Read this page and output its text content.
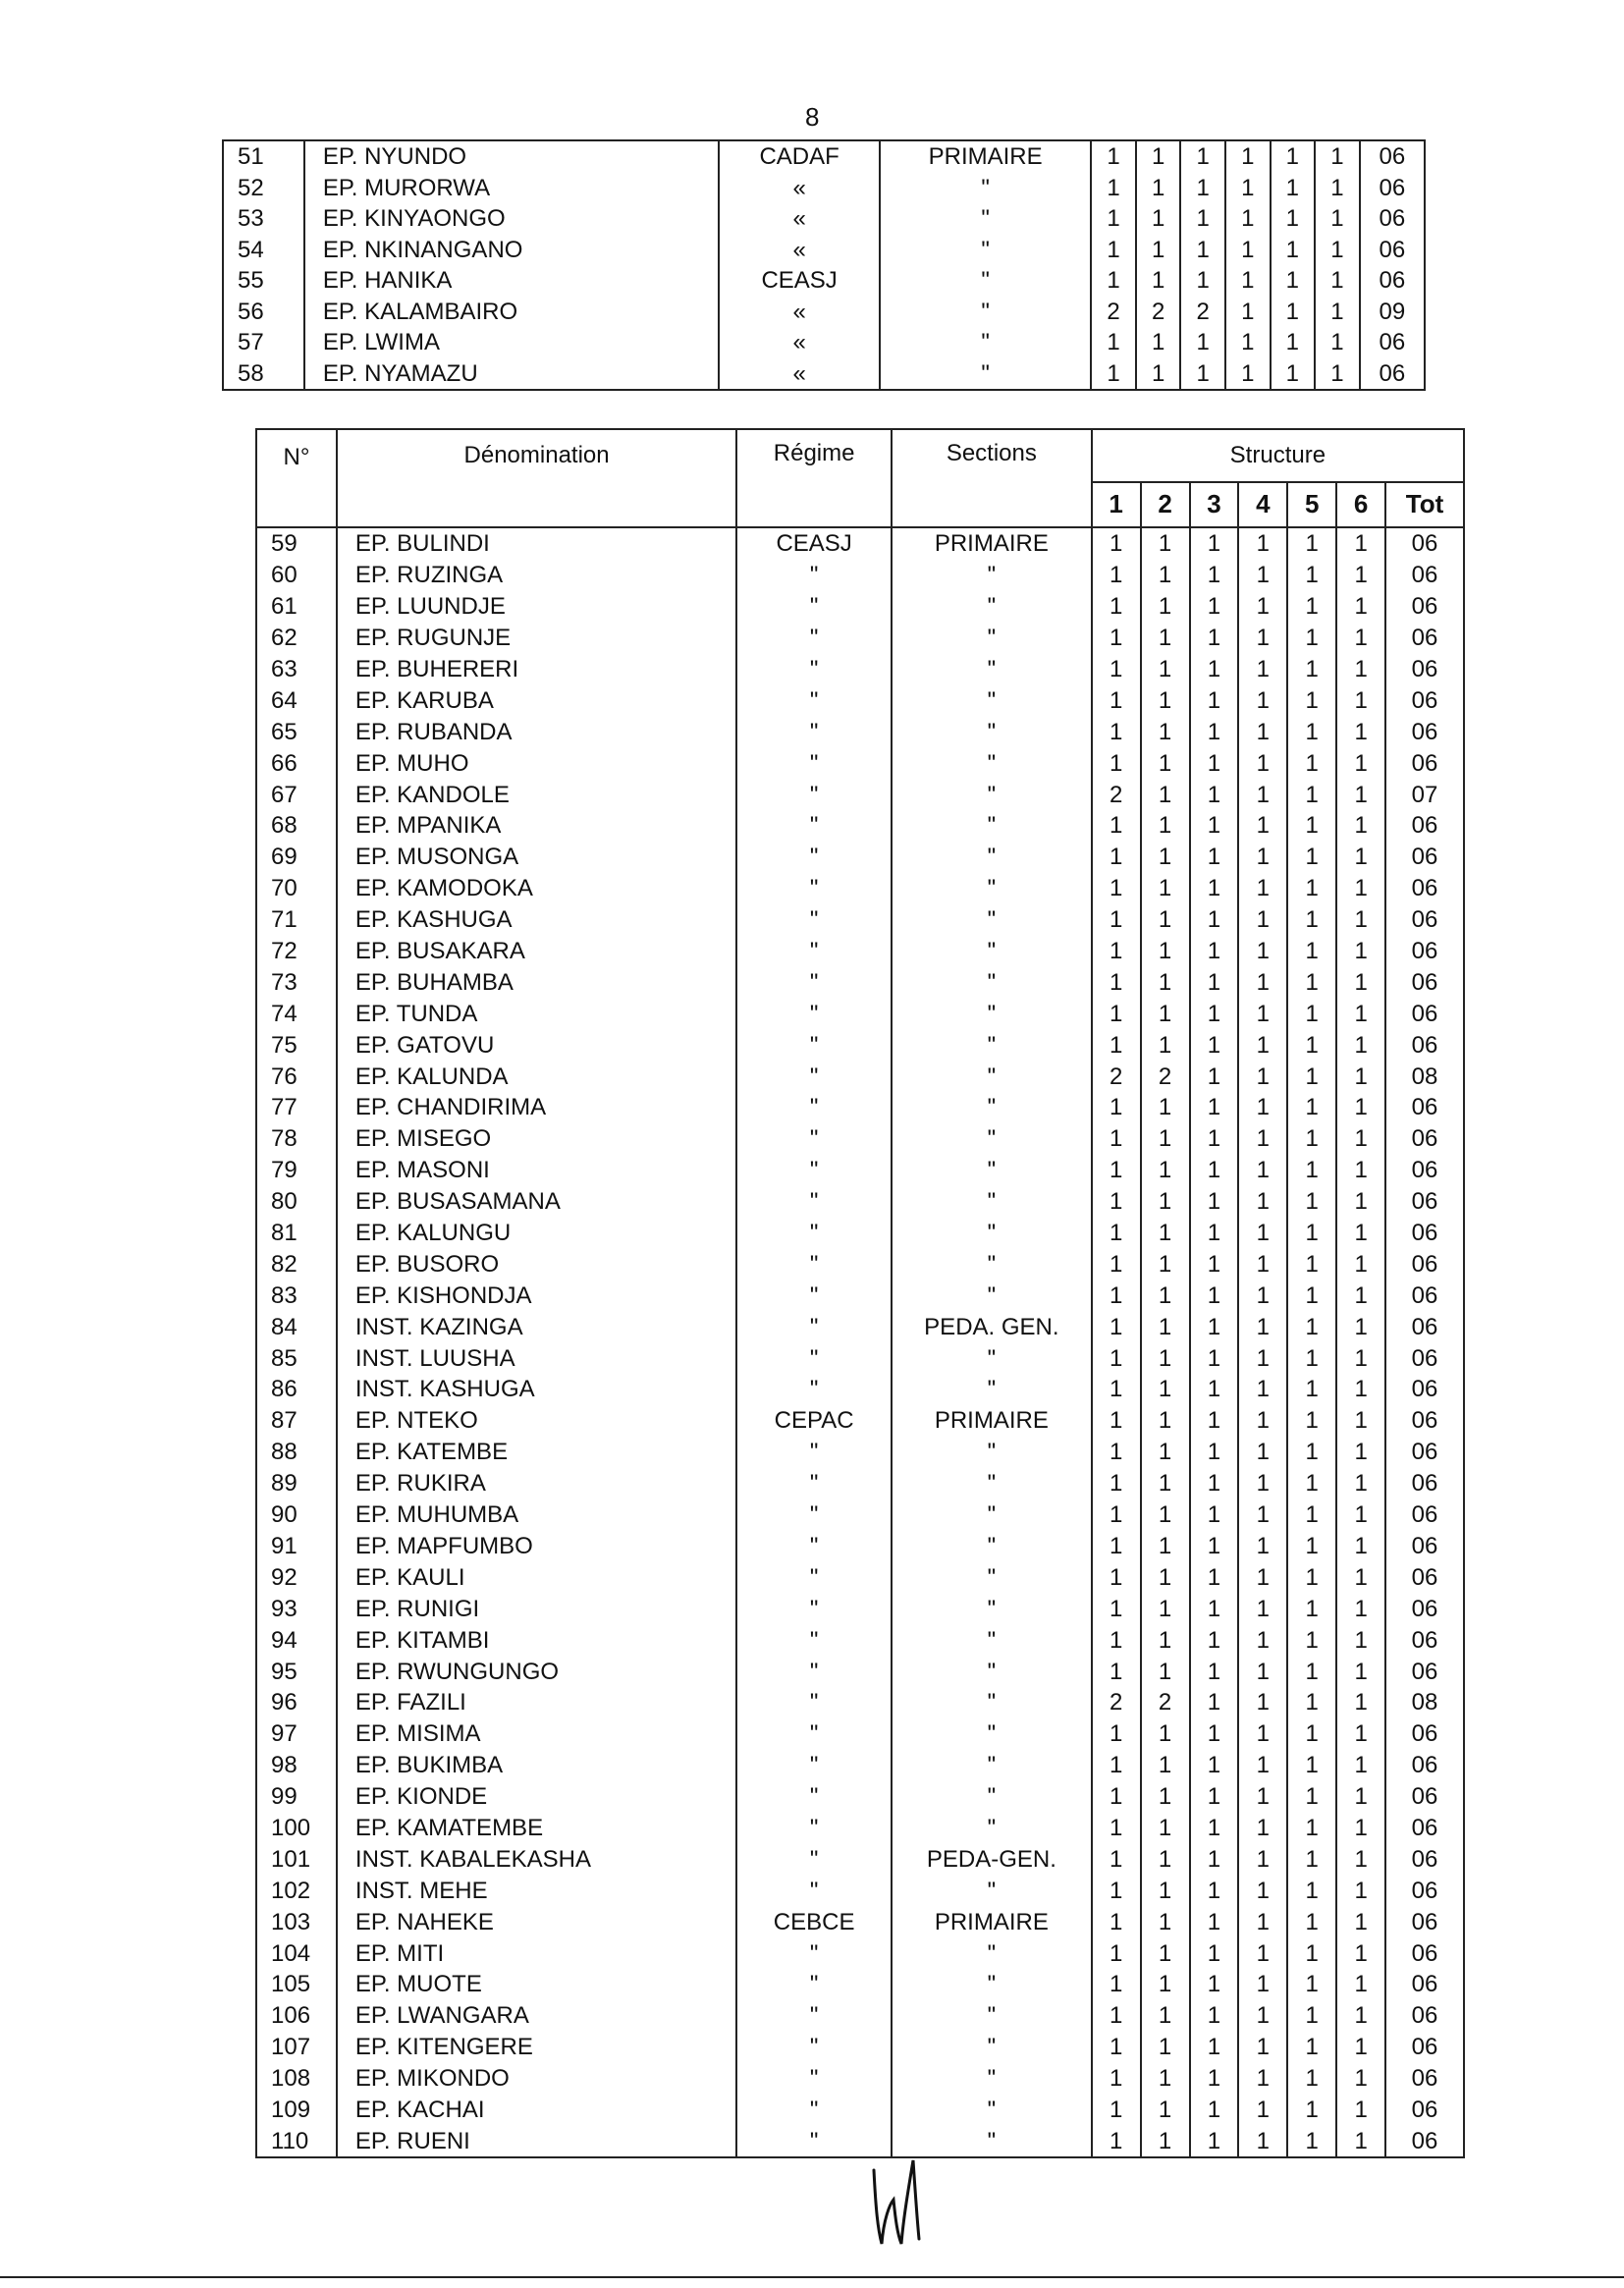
8
51	EP. NYUNDO	CADAF	PRIMAIRE	1	1	1	1	1	1	06
52	EP. MURORWA	«	"	1	1	1	1	1	1	06
53	EP. KINYAONGO	«	"	1	1	1	1	1	1	06
54	EP. NKINANGANO	«	"	1	1	1	1	1	1	06
55	EP. HANIKA	CEASJ	"	1	1	1	1	1	1	06
56	EP. KALAMBAIRO	«	"	2	2	2	1	1	1	09
57	EP. LWIMA	«	"	1	1	1	1	1	1	06
58	EP. NYAMAZU	«	"	1	1	1	1	1	1	06
N°	Dénomination	Régime	Sections	Structure						
				1	2	3	4	5	6	Tot
59	EP. BULINDI	CEASJ	PRIMAIRE	1	1	1	1	1	1	06
60	EP. RUZINGA	"	"	1	1	1	1	1	1	06
61	EP. LUUNDJE	"	"	1	1	1	1	1	1	06
62	EP. RUGUNJE	"	"	1	1	1	1	1	1	06
63	EP. BUHERERI	"	"	1	1	1	1	1	1	06
64	EP. KARUBA	"	"	1	1	1	1	1	1	06
65	EP. RUBANDA	"	"	1	1	1	1	1	1	06
66	EP. MUHO	"	"	1	1	1	1	1	1	06
67	EP. KANDOLE	"	"	2	1	1	1	1	1	07
68	EP. MPANIKA	"	"	1	1	1	1	1	1	06
69	EP. MUSONGA	"	"	1	1	1	1	1	1	06
70	EP. KAMODOKA	"	"	1	1	1	1	1	1	06
71	EP. KASHUGA	"	"	1	1	1	1	1	1	06
72	EP. BUSAKARA	"	"	1	1	1	1	1	1	06
73	EP. BUHAMBA	"	"	1	1	1	1	1	1	06
74	EP. TUNDA	"	"	1	1	1	1	1	1	06
75	EP. GATOVU	"	"	1	1	1	1	1	1	06
76	EP. KALUNDA	"	"	2	2	1	1	1	1	08
77	EP. CHANDIRIMA	"	"	1	1	1	1	1	1	06
78	EP. MISEGO	"	"	1	1	1	1	1	1	06
79	EP. MASONI	"	"	1	1	1	1	1	1	06
80	EP. BUSASAMANA	"	"	1	1	1	1	1	1	06
81	EP. KALUNGU	"	"	1	1	1	1	1	1	06
82	EP. BUSORO	"	"	1	1	1	1	1	1	06
83	EP. KISHONDJA	"	"	1	1	1	1	1	1	06
84	INST. KAZINGA	"	PEDA. GEN.	1	1	1	1	1	1	06
85	INST. LUUSHA	"	"	1	1	1	1	1	1	06
86	INST. KASHUGA	"	"	1	1	1	1	1	1	06
87	EP. NTEKO	CEPAC	PRIMAIRE	1	1	1	1	1	1	06
88	EP. KATEMBE	"	"	1	1	1	1	1	1	06
89	EP. RUKIRA	"	"	1	1	1	1	1	1	06
90	EP. MUHUMBA	"	"	1	1	1	1	1	1	06
91	EP. MAPFUMBO	"	"	1	1	1	1	1	1	06
92	EP. KAULI	"	"	1	1	1	1	1	1	06
93	EP. RUNIGI	"	"	1	1	1	1	1	1	06
94	EP. KITAMBI	"	"	1	1	1	1	1	1	06
95	EP. RWUNGUNGO	"	"	1	1	1	1	1	1	06
96	EP. FAZILI	"	"	2	2	1	1	1	1	08
97	EP. MISIMA	"	"	1	1	1	1	1	1	06
98	EP. BUKIMBA	"	"	1	1	1	1	1	1	06
99	EP. KIONDE	"	"	1	1	1	1	1	1	06
100	EP. KAMATEMBE	"	"	1	1	1	1	1	1	06
101	INST. KABALEKASHA	"	PEDA-GEN.	1	1	1	1	1	1	06
102	INST. MEHE	"	"	1	1	1	1	1	1	06
103	EP. NAHEKE	CEBCE	PRIMAIRE	1	1	1	1	1	1	06
104	EP. MITI	"	"	1	1	1	1	1	1	06
105	EP. MUOTE	"	"	1	1	1	1	1	1	06
106	EP. LWANGARA	"	"	1	1	1	1	1	1	06
107	EP. KITENGERE	"	"	1	1	1	1	1	1	06
108	EP. MIKONDO	"	"	1	1	1	1	1	1	06
109	EP. KACHAI	"	"	1	1	1	1	1	1	06
110	EP. RUENI	"	"	1	1	1	1	1	1	06
